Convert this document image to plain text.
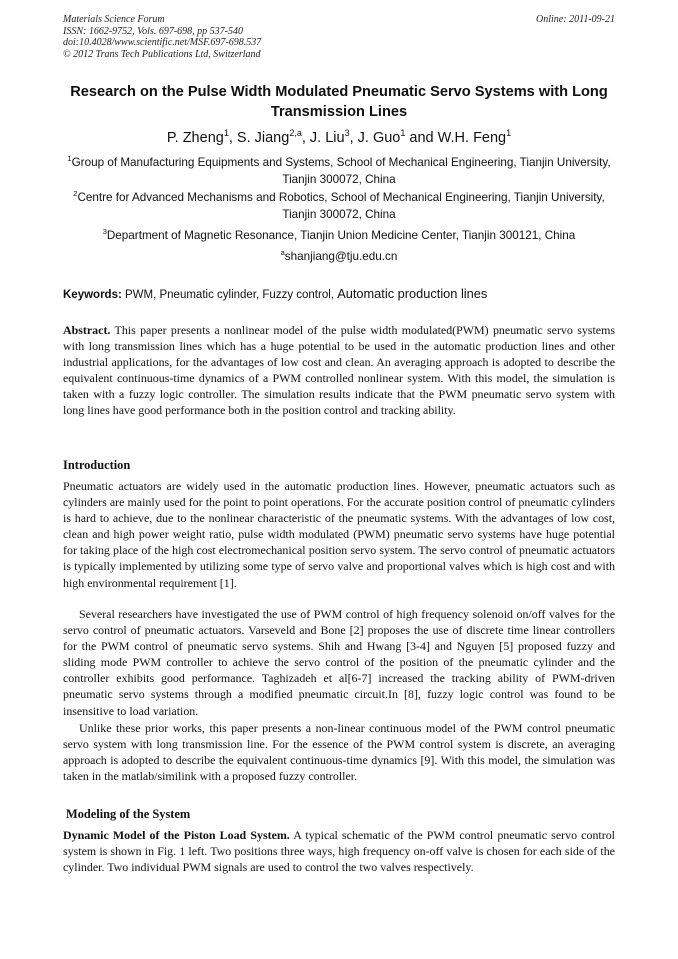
Materials Science Forum
ISSN: 1662-9752, Vols. 697-698, pp 537-540
doi:10.4028/www.scientific.net/MSF.697-698.537
© 2012 Trans Tech Publications Ltd, Switzerland
Online: 2011-09-21
Research on the Pulse Width Modulated Pneumatic Servo Systems with Long Transmission Lines
P. Zheng$^1$, S. Jiang$^{2,a}$, J. Liu$^3$, J. Guo$^1$ and W.H. Feng$^1$
$^1$Group of Manufacturing Equipments and Systems, School of Mechanical Engineering, Tianjin University, Tianjin 300072, China
$^2$Centre for Advanced Mechanisms and Robotics, School of Mechanical Engineering, Tianjin University, Tianjin 300072, China
$^3$Department of Magnetic Resonance, Tianjin Union Medicine Center, Tianjin 300121, China
$^a$shanjiang@tju.edu.cn
Keywords: PWM, Pneumatic cylinder, Fuzzy control, Automatic production lines
Abstract. This paper presents a nonlinear model of the pulse width modulated(PWM) pneumatic servo systems with long transmission lines which has a huge potential to be used in the automatic production lines and other industrial applications, for the advantages of low cost and clean. An averaging approach is adopted to describe the equivalent continuous-time dynamics of a PWM controlled nonlinear system. With this model, the simulation is taken with a fuzzy logic controller. The simulation results indicate that the PWM pneumatic servo system with long lines have good performance both in the position control and tracking ability.
Introduction
Pneumatic actuators are widely used in the automatic production lines. However, pneumatic actuators such as cylinders are mainly used for the point to point operations. For the accurate position control of pneumatic cylinders is hard to achieve, due to the nonlinear characteristic of the pneumatic systems. With the advantages of low cost, clean and high power weight ratio, pulse width modulated (PWM) pneumatic servo systems have huge potential for taking place of the high cost electromechanical position servo system. The servo control of pneumatic actuators is typically implemented by utilizing some type of servo valve and proportional valves which is high cost and with high environmental requirement [1].
Several researchers have investigated the use of PWM control of high frequency solenoid on/off valves for the servo control of pneumatic actuators. Varseveld and Bone [2] proposes the use of discrete time linear controllers for the PWM control of pneumatic servo systems. Shih and Hwang [3-4] and Nguyen [5] proposed fuzzy and sliding mode PWM controller to achieve the servo control of the position of the pneumatic cylinder and the controller exhibits good performance. Taghizadeh et al[6-7] increased the tracking ability of PWM-driven pneumatic servo systems through a modified pneumatic circuit.In [8], fuzzy logic control was found to be insensitive to load variation.
Unlike these prior works, this paper presents a non-linear continuous model of the PWM control pneumatic servo system with long transmission line. For the essence of the PWM control system is discrete, an averaging approach is adopted to describe the equivalent continuous-time dynamics [9]. With this model, the simulation was taken in the matlab/similink with a proposed fuzzy controller.
Modeling of the System
Dynamic Model of the Piston Load System. A typical schematic of the PWM control pneumatic servo control system is shown in Fig. 1 left. Two positions three ways, high frequency on-off valve is chosen for each side of the cylinder. Two individual PWM signals are used to control the two valves respectively.
